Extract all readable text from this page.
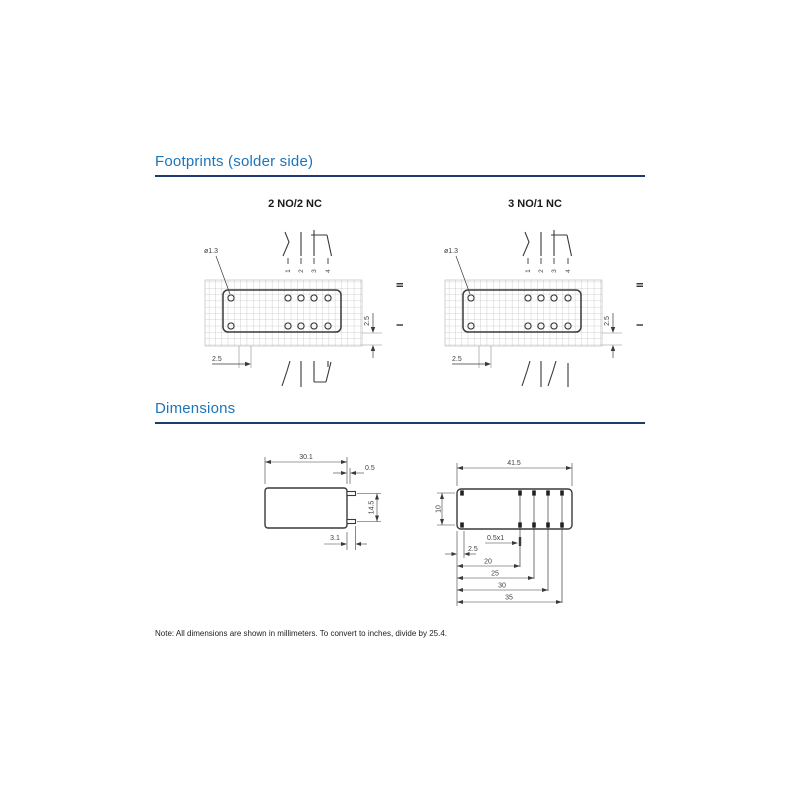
Footprints (solder side)
2 NO/2 NC	3 NO/1 NC
ø1.3
1 2 3 4
2.5
2.5
II
I
ø1.3
1 2 3 4
2.5
2.5
II
I
Dimensions
30.1
0.5
14.5
3.1
41.5
10
0.5x1
2.5
20
25
30
35
Note: All dimensions are shown in millimeters. To convert to inches, divide by 25.4.
